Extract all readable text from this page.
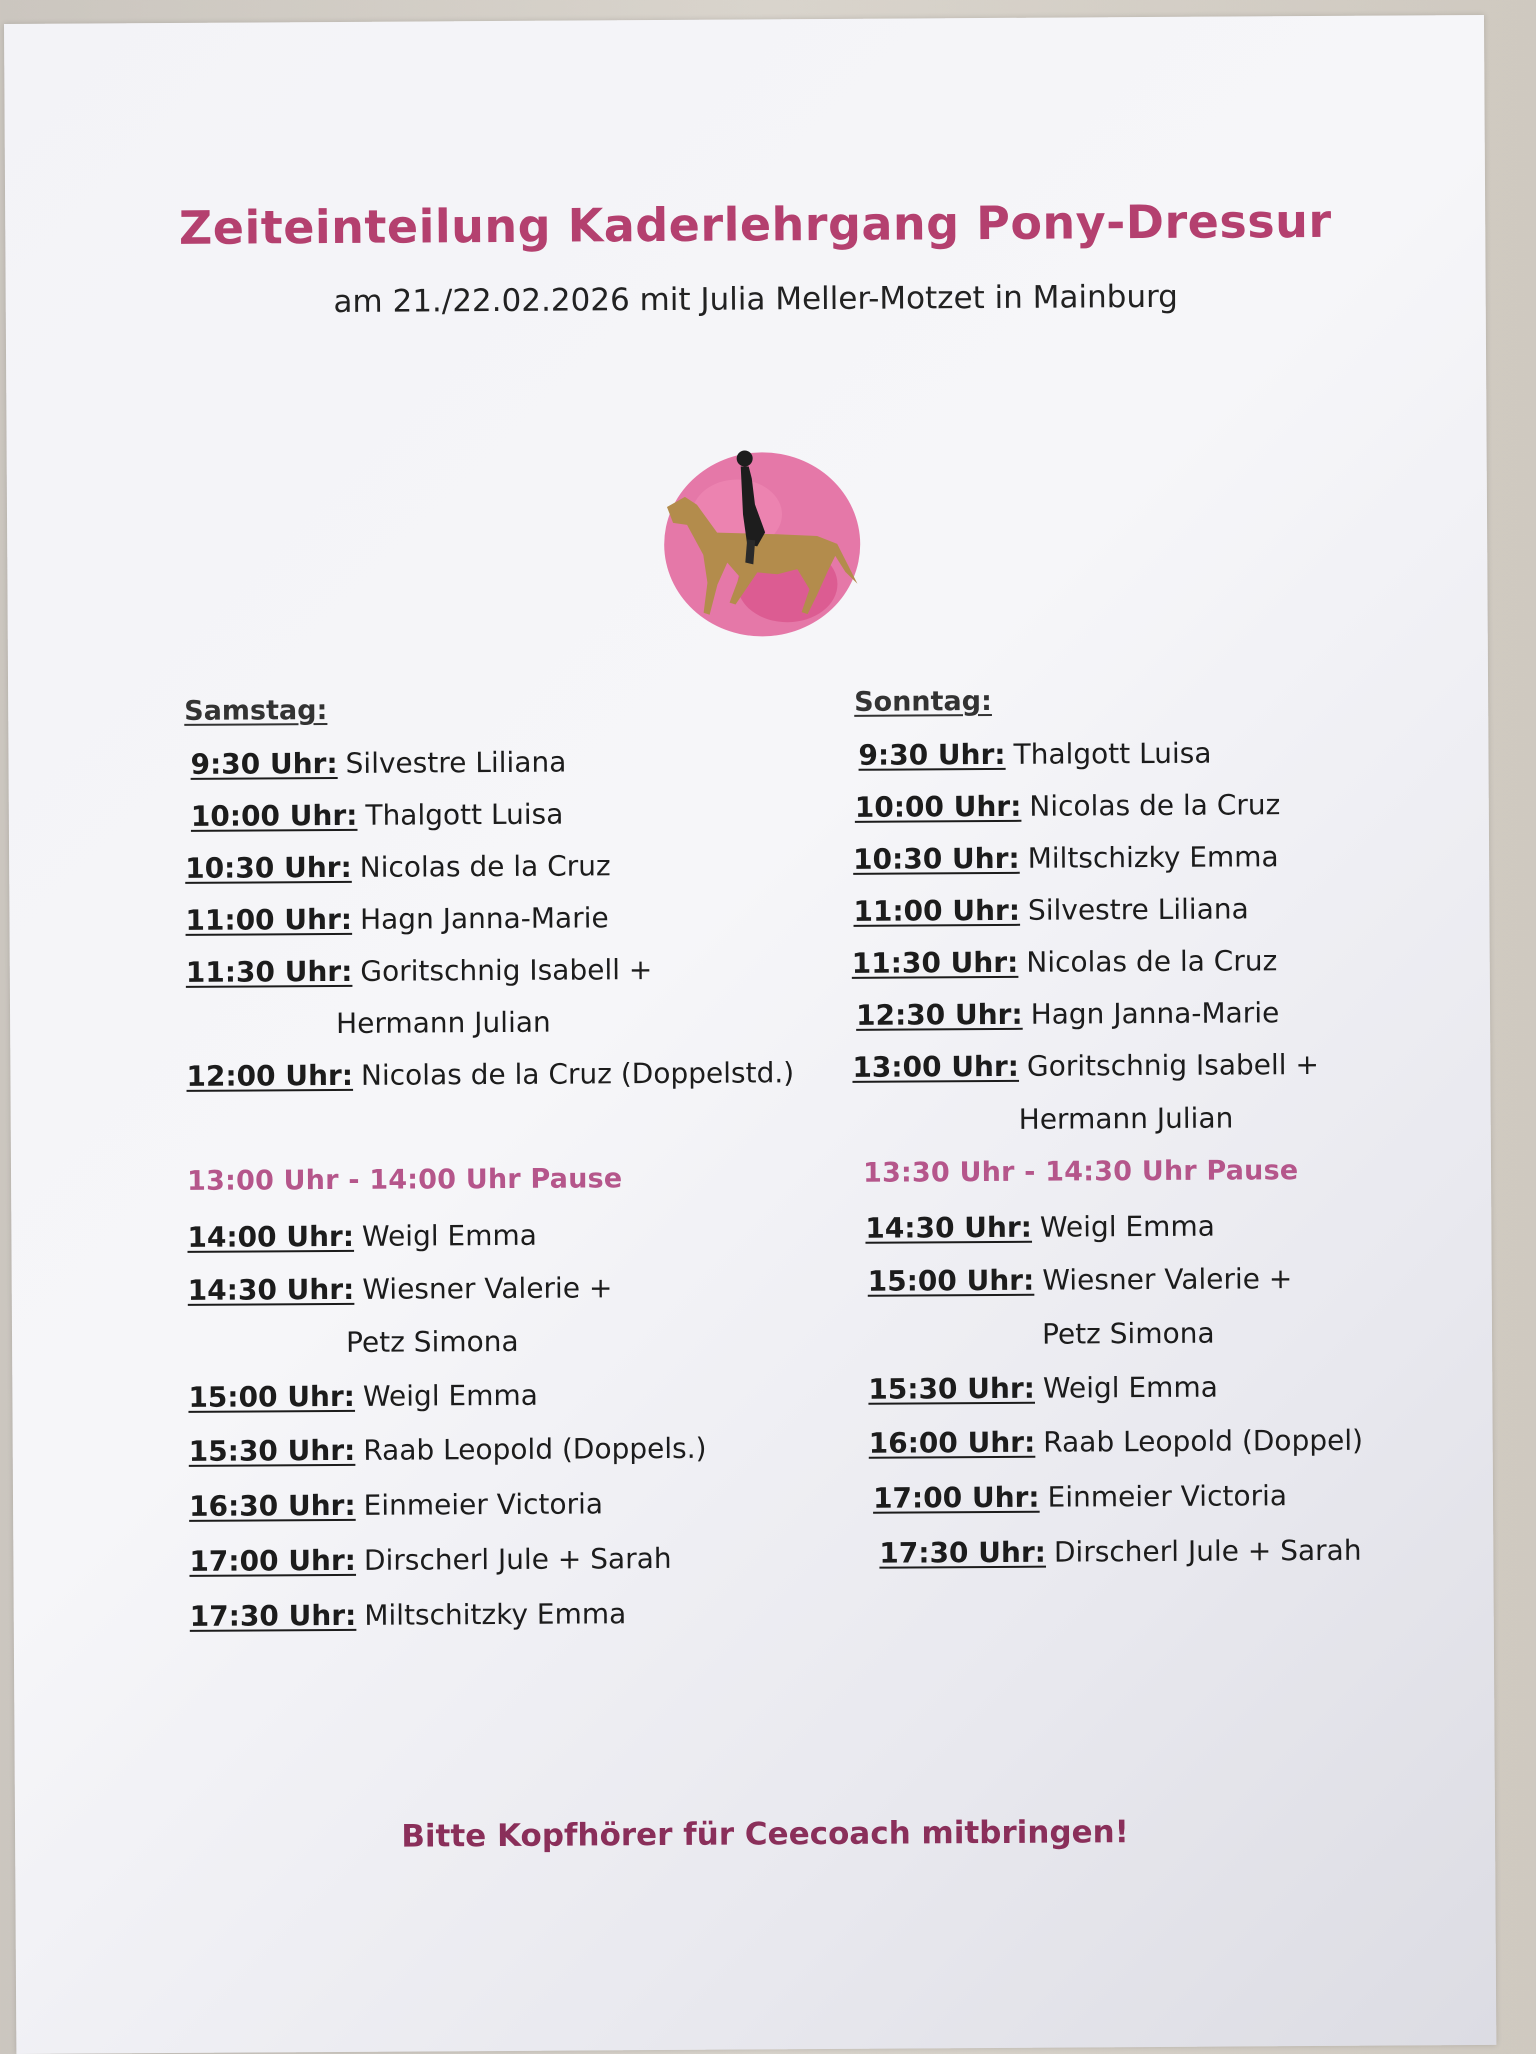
Zeiteinteilung Kaderlehrgang Pony-Dressur
am 21./22.02.2026 mit Julia Meller-Motzet in Mainburg
Samstag:
9:30 Uhr: Silvestre Liliana
10:00 Uhr: Thalgott Luisa
10:30 Uhr: Nicolas de la Cruz
11:00 Uhr: Hagn Janna-Marie
11:30 Uhr: Goritschnig Isabell +
Hermann Julian
12:00 Uhr: Nicolas de la Cruz (Doppelstd.)
13:00 Uhr - 14:00 Uhr Pause
14:00 Uhr: Weigl Emma
14:30 Uhr: Wiesner Valerie +
Petz Simona
15:00 Uhr: Weigl Emma
15:30 Uhr: Raab Leopold (Doppels.)
16:30 Uhr: Einmeier Victoria
17:00 Uhr: Dirscherl Jule + Sarah
17:30 Uhr: Miltschitzky Emma
Sonntag:
9:30 Uhr: Thalgott Luisa
10:00 Uhr: Nicolas de la Cruz
10:30 Uhr: Miltschizky Emma
11:00 Uhr: Silvestre Liliana
11:30 Uhr: Nicolas de la Cruz
12:30 Uhr: Hagn Janna-Marie
13:00 Uhr: Goritschnig Isabell +
Hermann Julian
13:30 Uhr - 14:30 Uhr Pause
14:30 Uhr: Weigl Emma
15:00 Uhr: Wiesner Valerie +
Petz Simona
15:30 Uhr: Weigl Emma
16:00 Uhr: Raab Leopold (Doppel)
17:00 Uhr: Einmeier Victoria
17:30 Uhr: Dirscherl Jule + Sarah
Bitte Kopfhörer für Ceecoach mitbringen!
